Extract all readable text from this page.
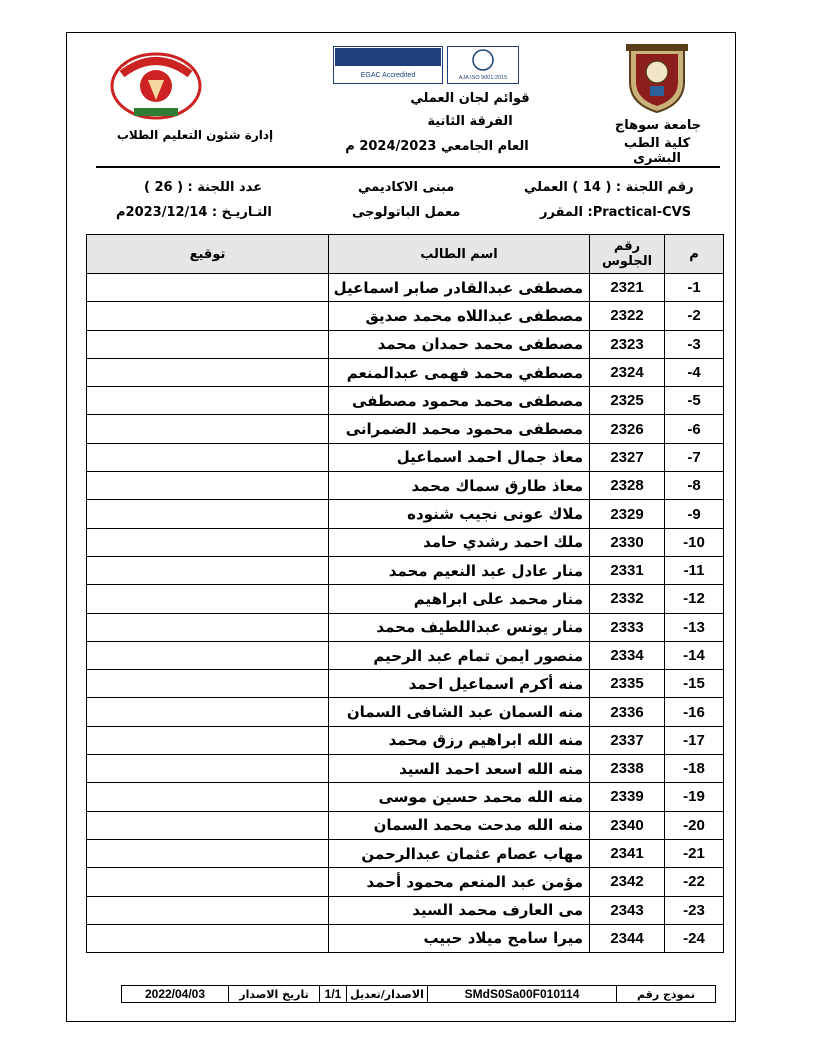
جامعة سوهاج
كلية الطب البشرى
EGAC Accredited	AJA ISO 9001:2015
قوائم لجان العملي
الفرقة الثانية
العام الجامعي 2024/2023 م
إدارة شئون التعليم الطلاب
رقم اللجنة : ( 14 ) العملي
مبنى الاكاديمي
عدد اللجنة : ( 26 )
المقرر :Practical-CVS
معمل الباتولوجى
التـاريـخ : 2023/12/14م
م	رقم الجلوس	اسم الطالب	توقيع
-1	2321	مصطفى عبدالقادر صابر اسماعيل	
-2	2322	مصطفى عبداللاه محمد صديق	
-3	2323	مصطفى محمد حمدان محمد	
-4	2324	مصطفي محمد فهمى عبدالمنعم	
-5	2325	مصطفى محمد محمود مصطفى	
-6	2326	مصطفى محمود محمد الضمرانى	
-7	2327	معاذ جمال احمد اسماعيل	
-8	2328	معاذ طارق سماك محمد	
-9	2329	ملاك عونى نجيب شنوده	
-10	2330	ملك احمد رشدي حامد	
-11	2331	منار عادل عبد النعيم محمد	
-12	2332	منار محمد على ابراهيم	
-13	2333	منار يونس عبداللطيف محمد	
-14	2334	منصور ايمن تمام عبد الرحيم	
-15	2335	منه أكرم اسماعيل احمد	
-16	2336	منه السمان عبد الشافى السمان	
-17	2337	منه الله ابراهيم رزق محمد	
-18	2338	منه الله اسعد احمد السيد	
-19	2339	منه الله محمد حسين موسى	
-20	2340	منه الله مدحت محمد السمان	
-21	2341	مهاب عصام عثمان عبدالرحمن	
-22	2342	مؤمن عبد المنعم محمود أحمد	
-23	2343	مى العارف محمد السيد	
-24	2344	ميرا سامح ميلاد حبيب	
نموذج رقم
SMdS0Sa00F010114
الاصدار/تعديل
1/1
تاريخ الاصدار
2022/04/03
